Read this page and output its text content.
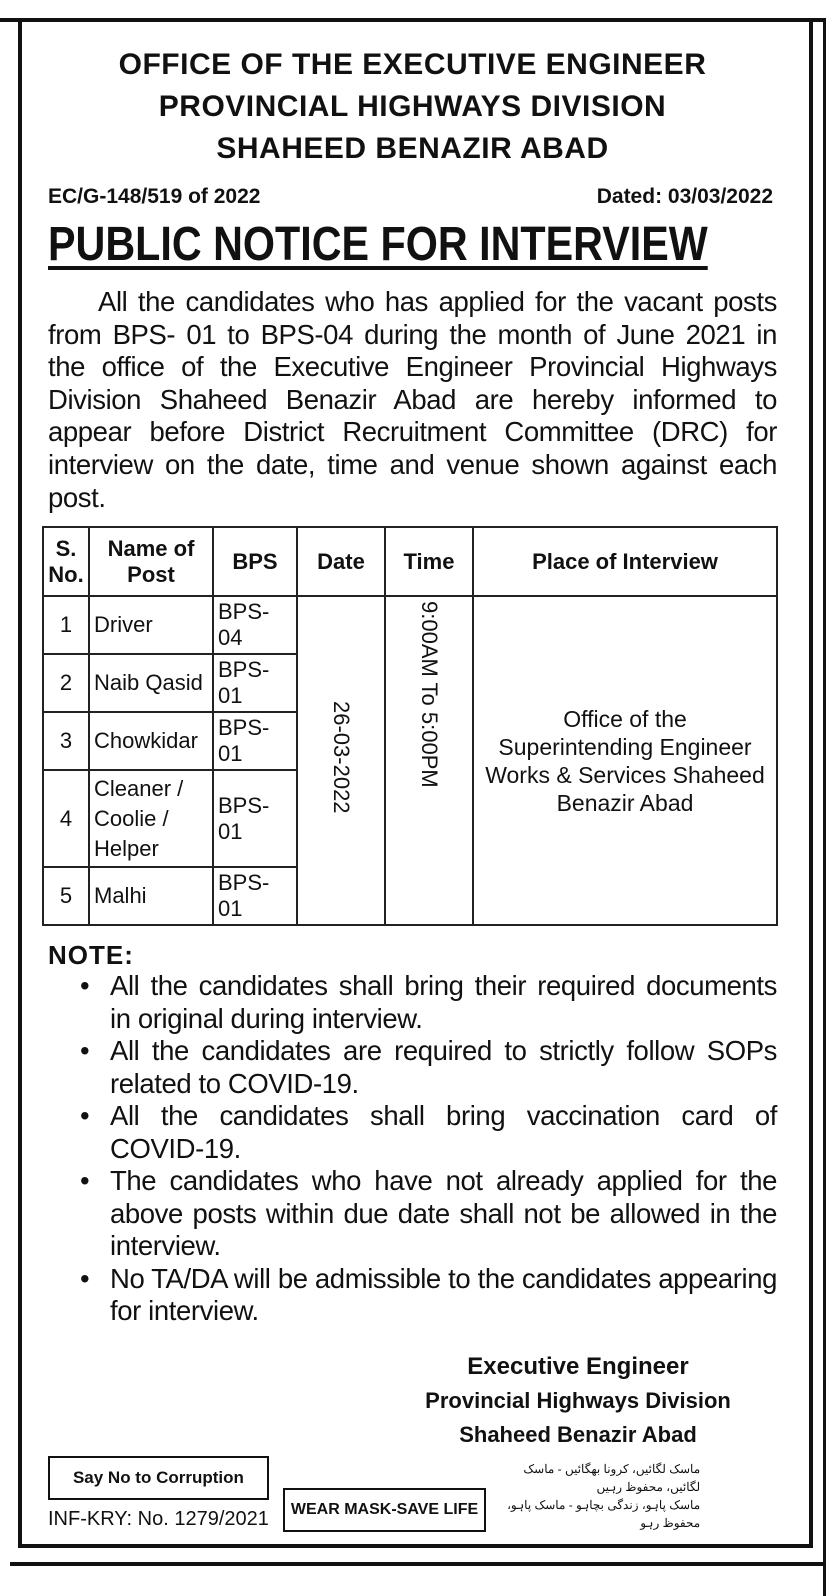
OFFICE OF THE EXECUTIVE ENGINEER
PROVINCIAL HIGHWAYS DIVISION
SHAHEED BENAZIR ABAD
EC/G-148/519 of 2022	Dated: 03/03/2022
PUBLIC NOTICE FOR INTERVIEW
All the candidates who has applied for the vacant posts from BPS- 01 to BPS-04 during the month of June 2021 in the office of the Executive Engineer Provincial Highways Division Shaheed Benazir Abad are hereby informed to appear before District Recruitment Committee (DRC) for interview on the date, time and venue shown against each post.
S. No.	Name of Post	BPS	Date	Time	Place of Interview
1	Driver	BPS-04	26-03-2022	9:00AM To 5:00PM	Office of the Superintending Engineer Works & Services Shaheed Benazir Abad
2	Naib Qasid	BPS-01			
3	Chowkidar	BPS-01			
4	Cleaner / Coolie / Helper	BPS-01			
5	Malhi	BPS-01			
NOTE:
• All the candidates shall bring their required documents in original during interview.
• All the candidates are required to strictly follow SOPs related to COVID-19.
• All the candidates shall bring vaccination card of COVID-19.
• The candidates who have not already applied for the above posts within due date shall not be allowed in the interview.
• No TA/DA will be admissible to the candidates appearing for interview.
Executive Engineer
Provincial Highways Division
Shaheed Benazir Abad
Say No to Corruption
INF-KRY: No. 1279/2021	WEAR MASK-SAVE LIFE
ماسک لگائیں، کرونا بھگائیں - ماسک لگائیں، محفوظ رہیں
ماسک پاہو، زندگی بچاہو - ماسک پاہو، محفوظ رہو
